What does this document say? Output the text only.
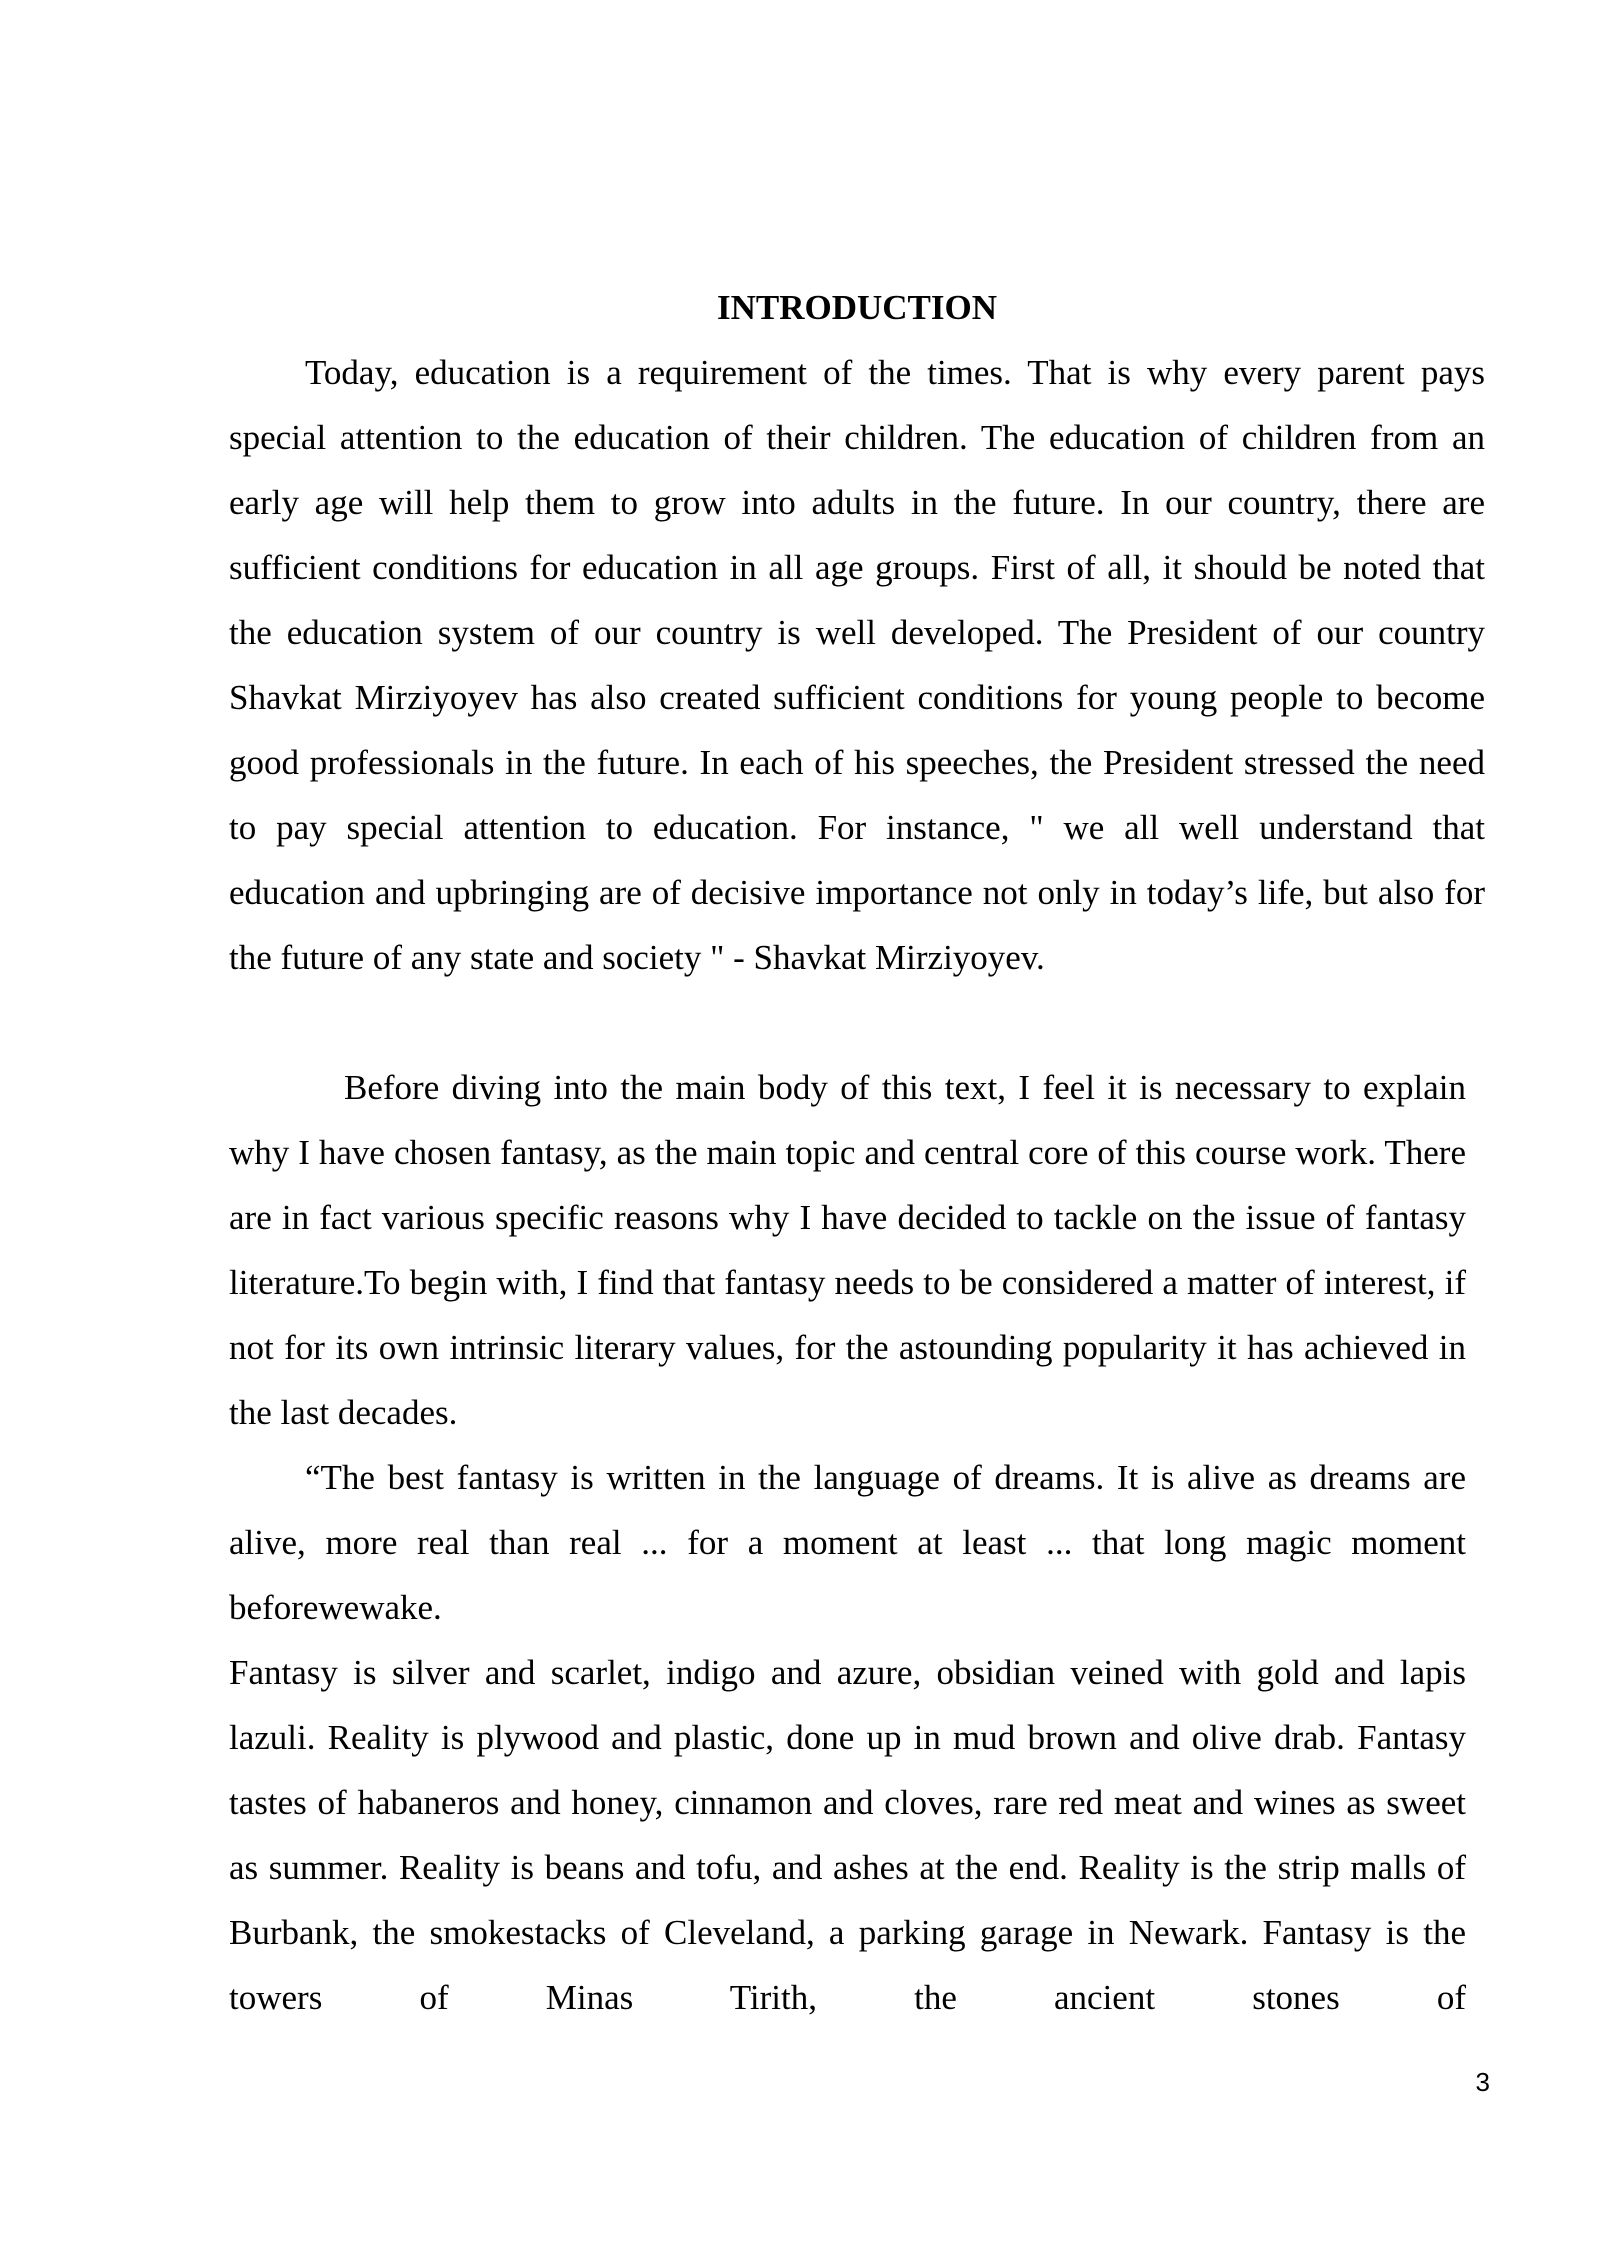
INTRODUCTION

Today, education is a requirement of the times. That is why every parent pays special attention to the education of their children. The education of children from an early age will help them to grow into adults in the future. In our country, there are sufficient conditions for education in all age groups. First of all, it should be noted that the education system of our country is well developed. The President of our country Shavkat Mirziyoyev has also created sufficient conditions for young people to become good professionals in the future. In each of his speeches, the President stressed the need to pay special attention to education. For instance, " we all well understand that education and upbringing are of decisive importance not only in today’s life, but also for the future of any state and society " - Shavkat Mirziyoyev.

Before diving into the main body of this text, I feel it is necessary to explain why I have chosen fantasy, as the main topic and central core of this course work. There are in fact various specific reasons why I have decided to tackle on the issue of fantasy literature.To begin with, I find that fantasy needs to be considered a matter of interest, if not for its own intrinsic literary values, for the astounding popularity it has achieved in the last decades.

“The best fantasy is written in the language of dreams. It is alive as dreams are alive, more real than real ... for a moment at least ... that long magic moment beforewewake.

Fantasy is silver and scarlet, indigo and azure, obsidian veined with gold and lapis lazuli. Reality is plywood and plastic, done up in mud brown and olive drab. Fantasy tastes of habaneros and honey, cinnamon and cloves, rare red meat and wines as sweet as summer. Reality is beans and tofu, and ashes at the end. Reality is the strip malls of Burbank, the smokestacks of Cleveland, a parking garage in Newark. Fantasy is the towers of Minas Tirith, the ancient stones of

3
